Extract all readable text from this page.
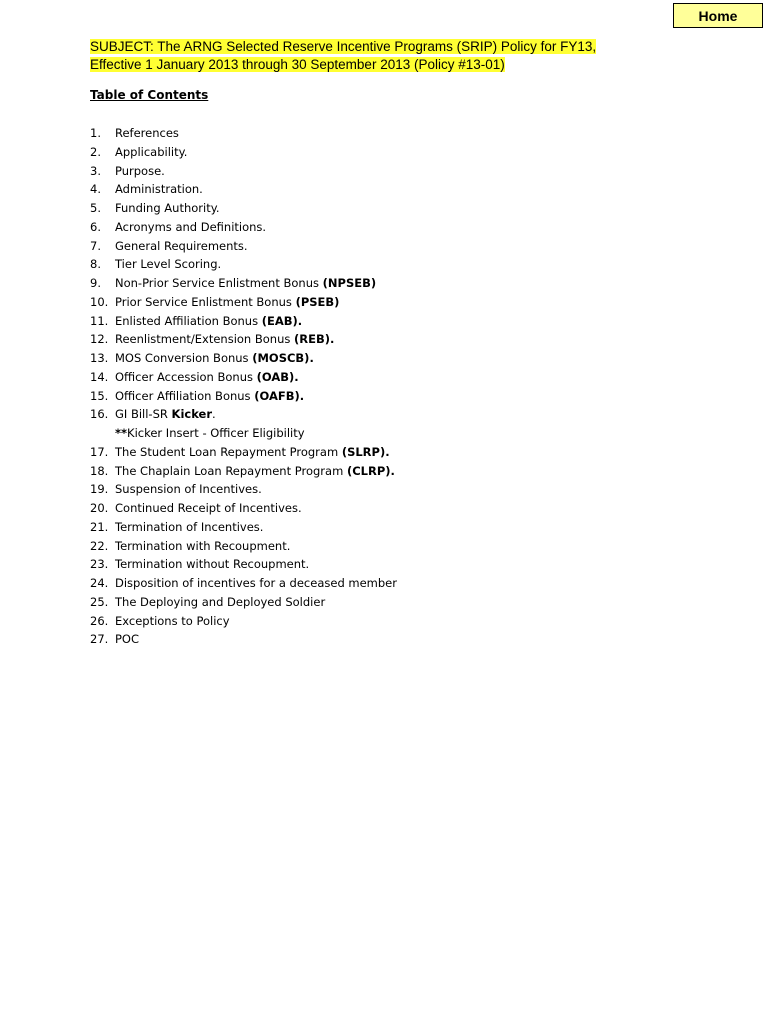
Home
SUBJECT: The ARNG Selected Reserve Incentive Programs (SRIP) Policy for FY13,
Effective 1 January 2013 through 30 September 2013 (Policy #13-01)
Table of Contents
1. References
2. Applicability.
3. Purpose.
4. Administration.
5. Funding Authority.
6. Acronyms and Definitions.
7. General Requirements.
8. Tier Level Scoring.
9. Non-Prior Service Enlistment Bonus (NPSEB)
10. Prior Service Enlistment Bonus (PSEB)
11. Enlisted Affiliation Bonus (EAB).
12. Reenlistment/Extension Bonus (REB).
13. MOS Conversion Bonus (MOSCB).
14. Officer Accession Bonus (OAB).
15. Officer Affiliation Bonus (OAFB).
16. GI Bill-SR Kicker.
**Kicker Insert - Officer Eligibility
17. The Student Loan Repayment Program (SLRP).
18. The Chaplain Loan Repayment Program (CLRP).
19. Suspension of Incentives.
20. Continued Receipt of Incentives.
21. Termination of Incentives.
22. Termination with Recoupment.
23. Termination without Recoupment.
24. Disposition of incentives for a deceased member
25. The Deploying and Deployed Soldier
26. Exceptions to Policy
27. POC
